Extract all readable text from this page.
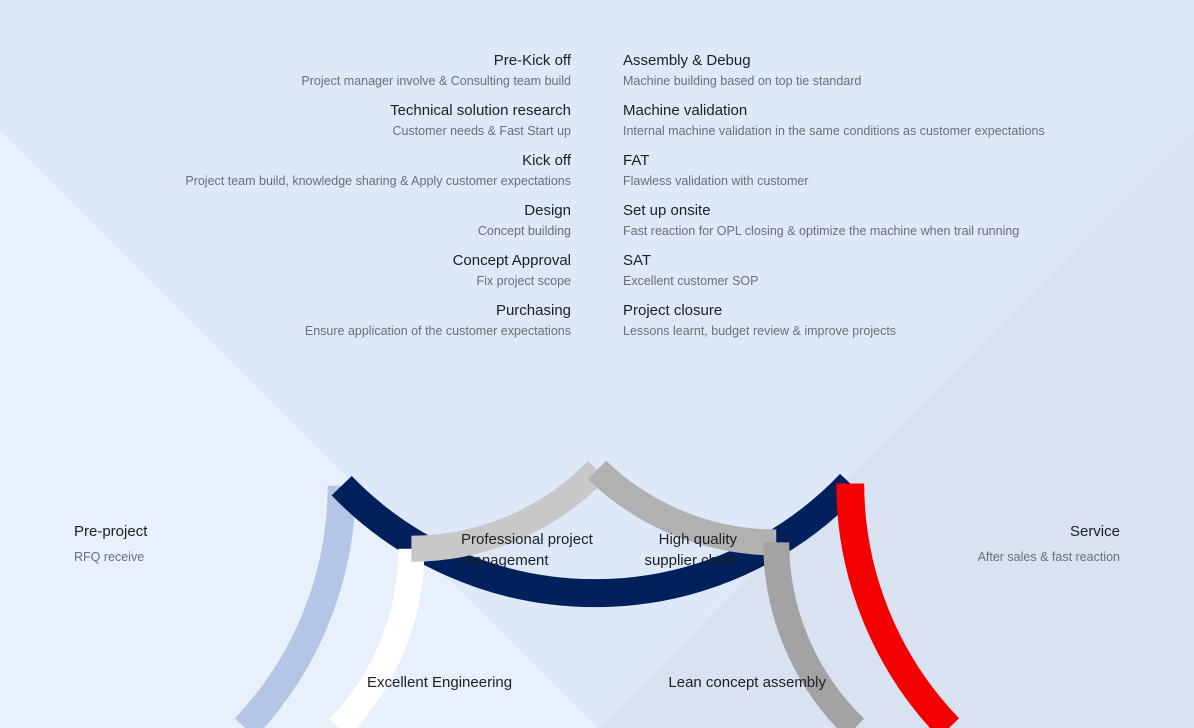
Pre-Kick off
Project manager involve & Consulting team build
Technical solution research
Customer needs & Fast Start up
Kick off
Project team build, knowledge sharing & Apply customer expectations
Design
Concept building
Concept Approval
Fix project scope
Purchasing
Ensure application of the customer expectations
Assembly & Debug
Machine building based on top tie standard
Machine validation
Internal machine validation in the same conditions as customer expectations
FAT
Flawless validation with customer
Set up onsite
Fast reaction for OPL closing & optimize the machine when trail running
SAT
Excellent customer SOP
Project closure
Lessons learnt, budget review & improve projects
Pre-project
RFQ receive
Service
After sales & fast reaction
Professional project
management
High quality
supplier chain
Excellent Engineering	Lean concept assembly
